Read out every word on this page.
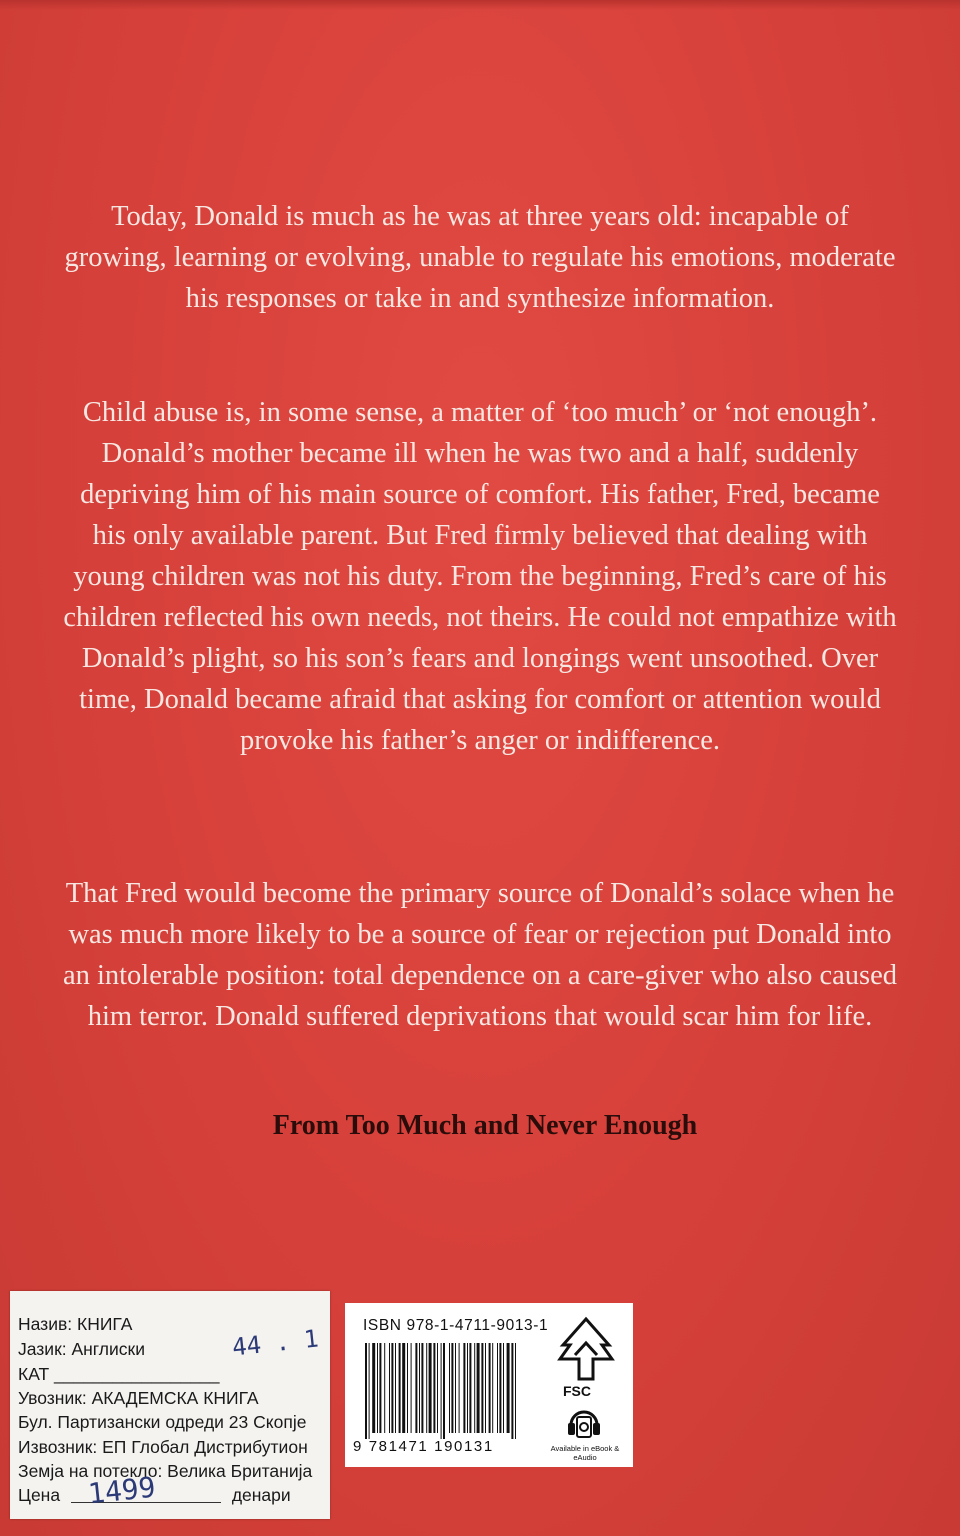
Today, Donald is much as he was at three years old: incapable of growing, learning or evolving, unable to regulate his emotions, moderate his responses or take in and synthesize information.

Child abuse is, in some sense, a matter of ‘too much’ or ‘not enough’. Donald’s mother became ill when he was two and a half, suddenly depriving him of his main source of comfort. His father, Fred, became his only available parent. But Fred firmly believed that dealing with young children was not his duty. From the beginning, Fred’s care of his children reflected his own needs, not theirs. He could not empathize with Donald’s plight, so his son’s fears and longings went unsoothed. Over time, Donald became afraid that asking for comfort or attention would provoke his father’s anger or indifference.

That Fred would become the primary source of Donald’s solace when he was much more likely to be a source of fear or rejection put Donald into an intolerable position: total dependence on a care-giver who also caused him terror. Donald suffered deprivations that would scar him for life.

From Too Much and Never Enough

Назив: КНИГА
Јазик: Англиски
КАТ _________________
Увозник: АКАДЕМСКА КНИГА
Бул. Партизански одреди 23 Скопје
Извозник: ЕП Глобал Дистрибутион
Земја на потекло: Велика Британија
Цена	денари
44 . 1
1499
ISBN 978-1-4711-9013-1
9 781471 190131
FSC
Available in eBook & eAudio
